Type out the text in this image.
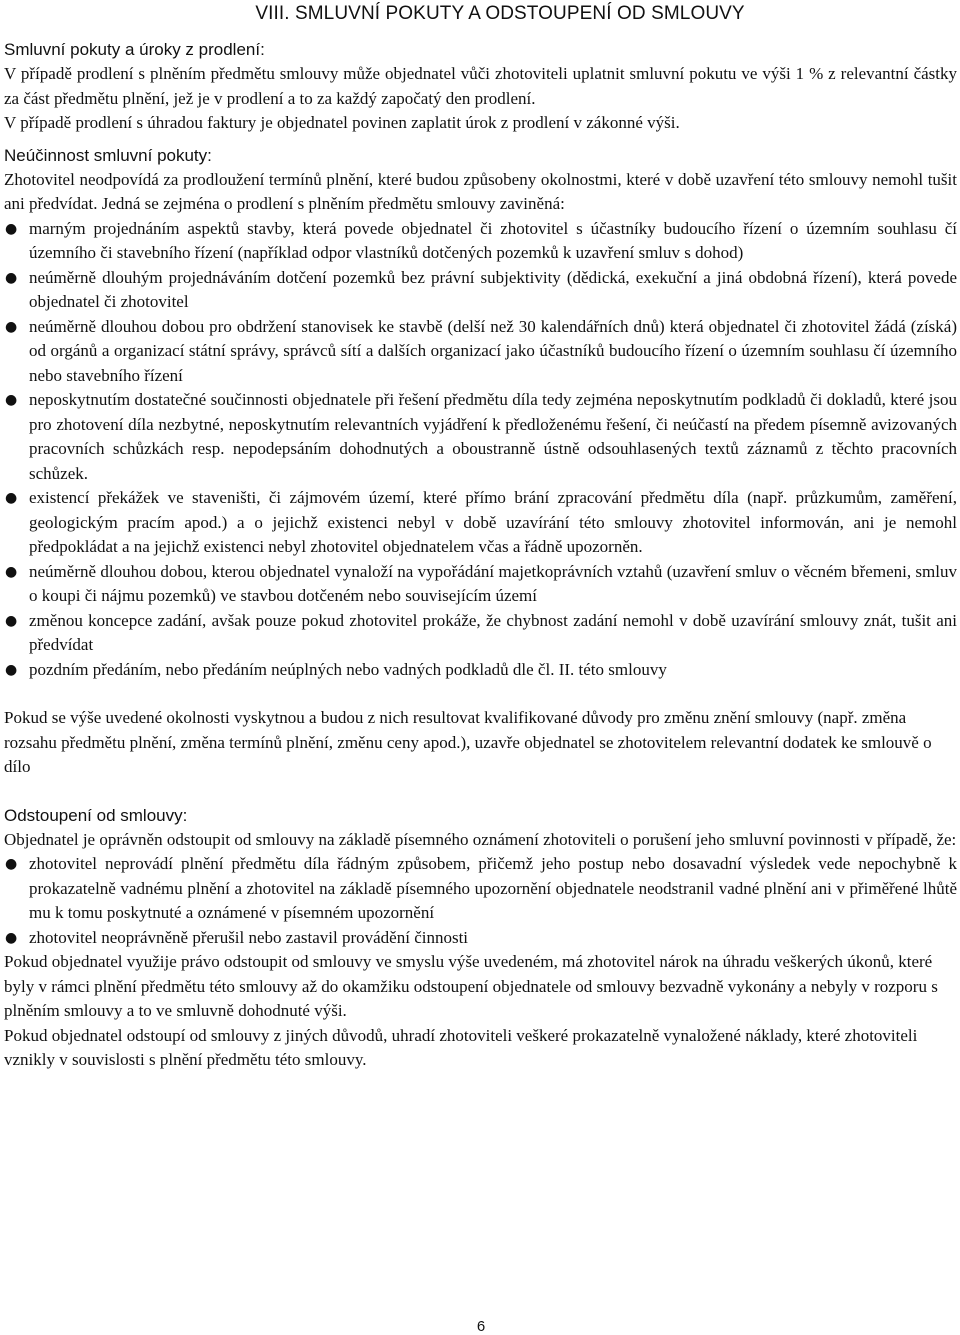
VIII. SMLUVNÍ POKUTY A ODSTOUPENÍ OD SMLOUVY
Smluvní pokuty a úroky z prodlení:
V případě prodlení s plněním předmětu smlouvy může objednatel vůči zhotoviteli uplatnit smluvní pokutu ve výši 1 % z relevantní částky za část předmětu plnění, jež je v prodlení a to za každý započatý den prodlení.
V případě prodlení s úhradou faktury je objednatel povinen zaplatit úrok z prodlení v zákonné výši.
Neúčinnost smluvní pokuty:
Zhotovitel neodpovídá za prodloužení termínů plnění, které budou způsobeny okolnostmi, které v době uzavření této smlouvy nemohl tušit ani předvídat. Jedná se zejména o prodlení s plněním předmětu smlouvy zaviněná:
● marným projednáním aspektů stavby, která povede objednatel či zhotovitel s účastníky budoucího řízení o územním souhlasu čí územního či stavebního řízení (například odpor vlastníků dotčených pozemků k uzavření smluv s dohod)
● neúměrně dlouhým projednáváním dotčení pozemků bez právní subjektivity (dědická, exekuční a jiná obdobná řízení), která povede objednatel či zhotovitel
● neúměrně dlouhou dobou pro obdržení stanovisek ke stavbě (delší než 30 kalendářních dnů) která objednatel či zhotovitel žádá (získá) od orgánů a organizací státní správy, správců sítí a dalších organizací jako účastníků budoucího řízení o územním souhlasu čí územního nebo stavebního řízení
● neposkytnutím dostatečné součinnosti objednatele při řešení předmětu díla tedy zejména neposkytnutím podkladů či dokladů, které jsou pro zhotovení díla nezbytné, neposkytnutím relevantních vyjádření k předloženému řešení, či neúčastí na předem písemně avizovaných pracovních schůzkách resp. nepodepsáním dohodnutých a oboustranně ústně odsouhlasených textů záznamů z těchto pracovních schůzek.
● existencí překážek ve staveništi, či zájmovém území, které přímo brání zpracování předmětu díla (např. průzkumům, zaměření, geologickým pracím apod.) a o jejichž existenci nebyl v době uzavírání této smlouvy zhotovitel informován, ani je nemohl předpokládat a na jejichž existenci nebyl zhotovitel objednatelem včas a řádně upozorněn.
● neúměrně dlouhou dobou, kterou objednatel vynaloží na vypořádání majetkoprávních vztahů (uzavření smluv o věcném břemeni, smluv o koupi či nájmu pozemků) ve stavbou dotčeném nebo souvisejícím území
● změnou koncepce zadání, avšak pouze pokud zhotovitel prokáže, že chybnost zadání nemohl v době uzavírání smlouvy znát, tušit ani předvídat
● pozdním předáním, nebo předáním neúplných nebo vadných podkladů dle čl. II. této smlouvy
Pokud se výše uvedené okolnosti vyskytnou a budou z nich resultovat kvalifikované důvody pro změnu znění smlouvy (např. změna rozsahu předmětu plnění, změna termínů plnění, změnu ceny apod.), uzavře objednatel se zhotovitelem relevantní dodatek ke smlouvě o dílo
Odstoupení od smlouvy:
Objednatel je oprávněn odstoupit od smlouvy na základě písemného oznámení zhotoviteli o porušení jeho smluvní povinnosti v případě, že:
● zhotovitel neprovádí plnění předmětu díla řádným způsobem, přičemž jeho postup nebo dosavadní výsledek vede nepochybně k prokazatelně vadnému plnění a zhotovitel na základě písemného upozornění objednatele neodstranil vadné plnění ani v přiměřené lhůtě mu k tomu poskytnuté a oznámené v písemném upozornění
● zhotovitel neoprávněně přerušil nebo zastavil provádění činnosti
Pokud objednatel využije právo odstoupit od smlouvy ve smyslu výše uvedeném, má zhotovitel nárok na úhradu veškerých úkonů, které byly v rámci plnění předmětu této smlouvy až do okamžiku odstoupení objednatele od smlouvy bezvadně vykonány a nebyly v rozporu s plněním smlouvy a to ve smluvně dohodnuté výši.
Pokud objednatel odstoupí od smlouvy z jiných důvodů, uhradí zhotoviteli veškeré prokazatelně vynaložené náklady, které zhotoviteli vznikly v souvislosti s plnění předmětu této smlouvy.
6
